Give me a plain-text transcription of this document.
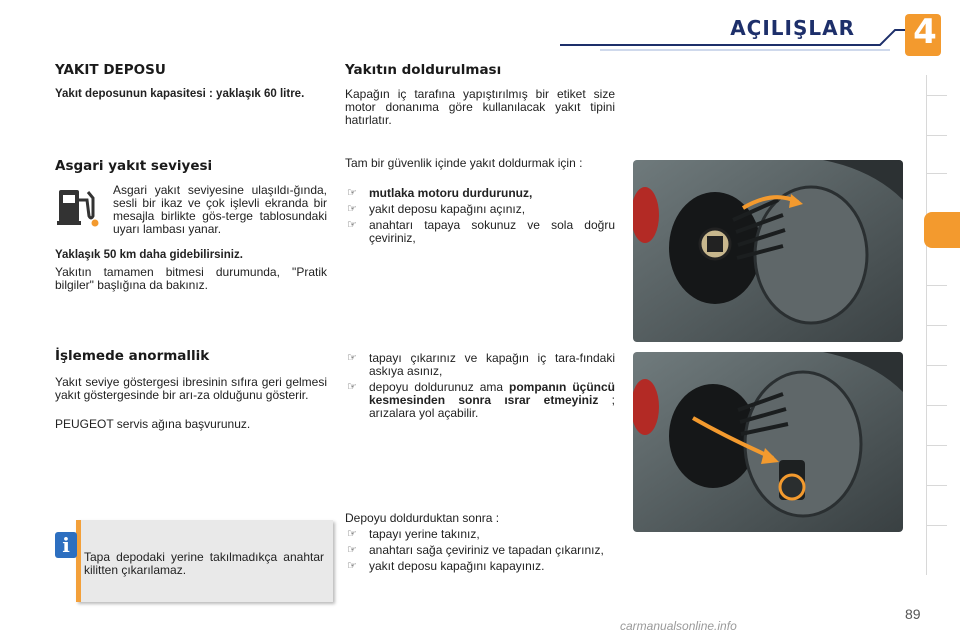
AÇILIŞLAR 4
YAKIT DEPOSU

Yakıt deposunun kapasitesi : yaklaşık 60 litre.

Asgari yakıt seviyesi

Asgari yakıt seviyesine ulaşıldı-ğında, sesli bir ikaz ve çok işlevli ekranda bir mesajla birlikte gös-terge tablosundaki uyarı lambası yanar.

Yaklaşık 50 km daha gidebilirsiniz.

Yakıtın tamamen bitmesi durumunda, "Pratik bilgiler" başlığına da bakınız.

İşlemede anormallik

Yakıt seviye göstergesi ibresinin sıfıra geri gelmesi yakıt göstergesinde bir arı-za olduğunu gösterir.

PEUGEOT servis ağına başvurunuz.

i	Tapa depodaki yerine takılmadıkça anahtar kilitten çıkarılamaz.

Yakıtın doldurulması

Kapağın iç tarafına yapıştırılmış bir etiket size motor donanıma göre kullanılacak yakıt tipini hatırlatır.

Tam bir güvenlik içinde yakıt doldurmak için :

☞ mutlaka motoru durdurunuz,
☞ yakıt deposu kapağını açınız,
☞ anahtarı tapaya sokunuz ve sola doğru çeviriniz,
☞ tapayı çıkarınız ve kapağın iç tara-fındaki askıya asınız,
☞ depoyu doldurunuz ama pompanın üçüncü kesmesinden sonra ısrar etmeyiniz ; arızalara yol açabilir.

Depoyu doldurduktan sonra :

☞ tapayı yerine takınız,
☞ anahtarı sağa çeviriniz ve tapadan çıkarınız,
☞ yakıt deposu kapağını kapayınız.
89
carmanualsonline.info
